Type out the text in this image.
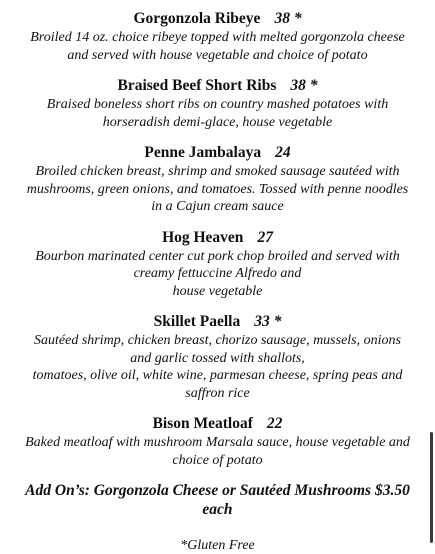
Gorgonzola Ribeye 38 *
Broiled 14 oz. choice ribeye topped with melted gorgonzola cheese
and served with house vegetable and choice of potato
Braised Beef Short Ribs 38 *
Braised boneless short ribs on country mashed potatoes with
horseradish demi-glace, house vegetable
Penne Jambalaya 24
Broiled chicken breast, shrimp and smoked sausage sautéed with
mushrooms, green onions, and tomatoes. Tossed with penne noodles
in a Cajun cream sauce
Hog Heaven 27
Bourbon marinated center cut pork chop broiled and served with
creamy fettuccine Alfredo and
house vegetable
Skillet Paella 33 *
Sautéed shrimp, chicken breast, chorizo sausage, mussels, onions
and garlic tossed with shallots,
tomatoes, olive oil, white wine, parmesan cheese, spring peas and
saffron rice
Bison Meatloaf 22
Baked meatloaf with mushroom Marsala sauce, house vegetable and
choice of potato
Add On’s: Gorgonzola Cheese or Sautéed Mushrooms $3.50
each
*Gluten Free
